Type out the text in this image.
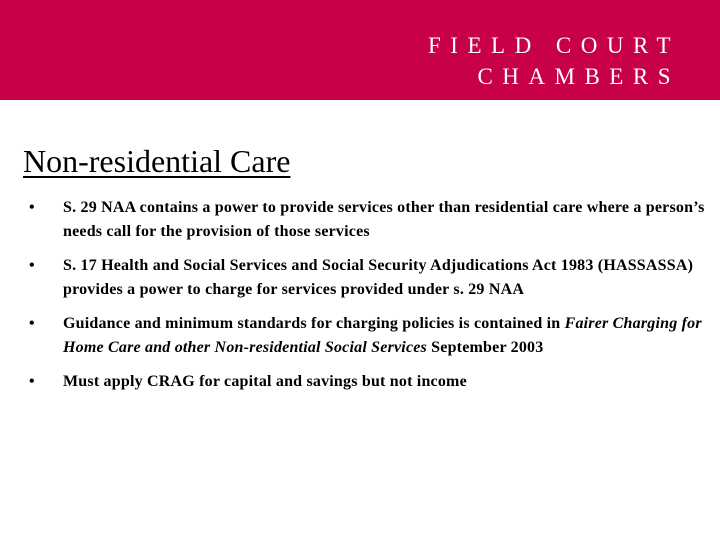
FIELD COURT
CHAMBERS
Non-residential Care
• S. 29 NAA contains a power to provide services other than residential care where a person’s needs call for the provision of those services
• S. 17 Health and Social Services and Social Security Adjudications Act 1983 (HASSASSA) provides a power to charge for services provided under s. 29 NAA
• Guidance and minimum standards for charging policies is contained in Fairer Charging for Home Care and other Non-residential Social Services September 2003
• Must apply CRAG for capital and savings but not income
